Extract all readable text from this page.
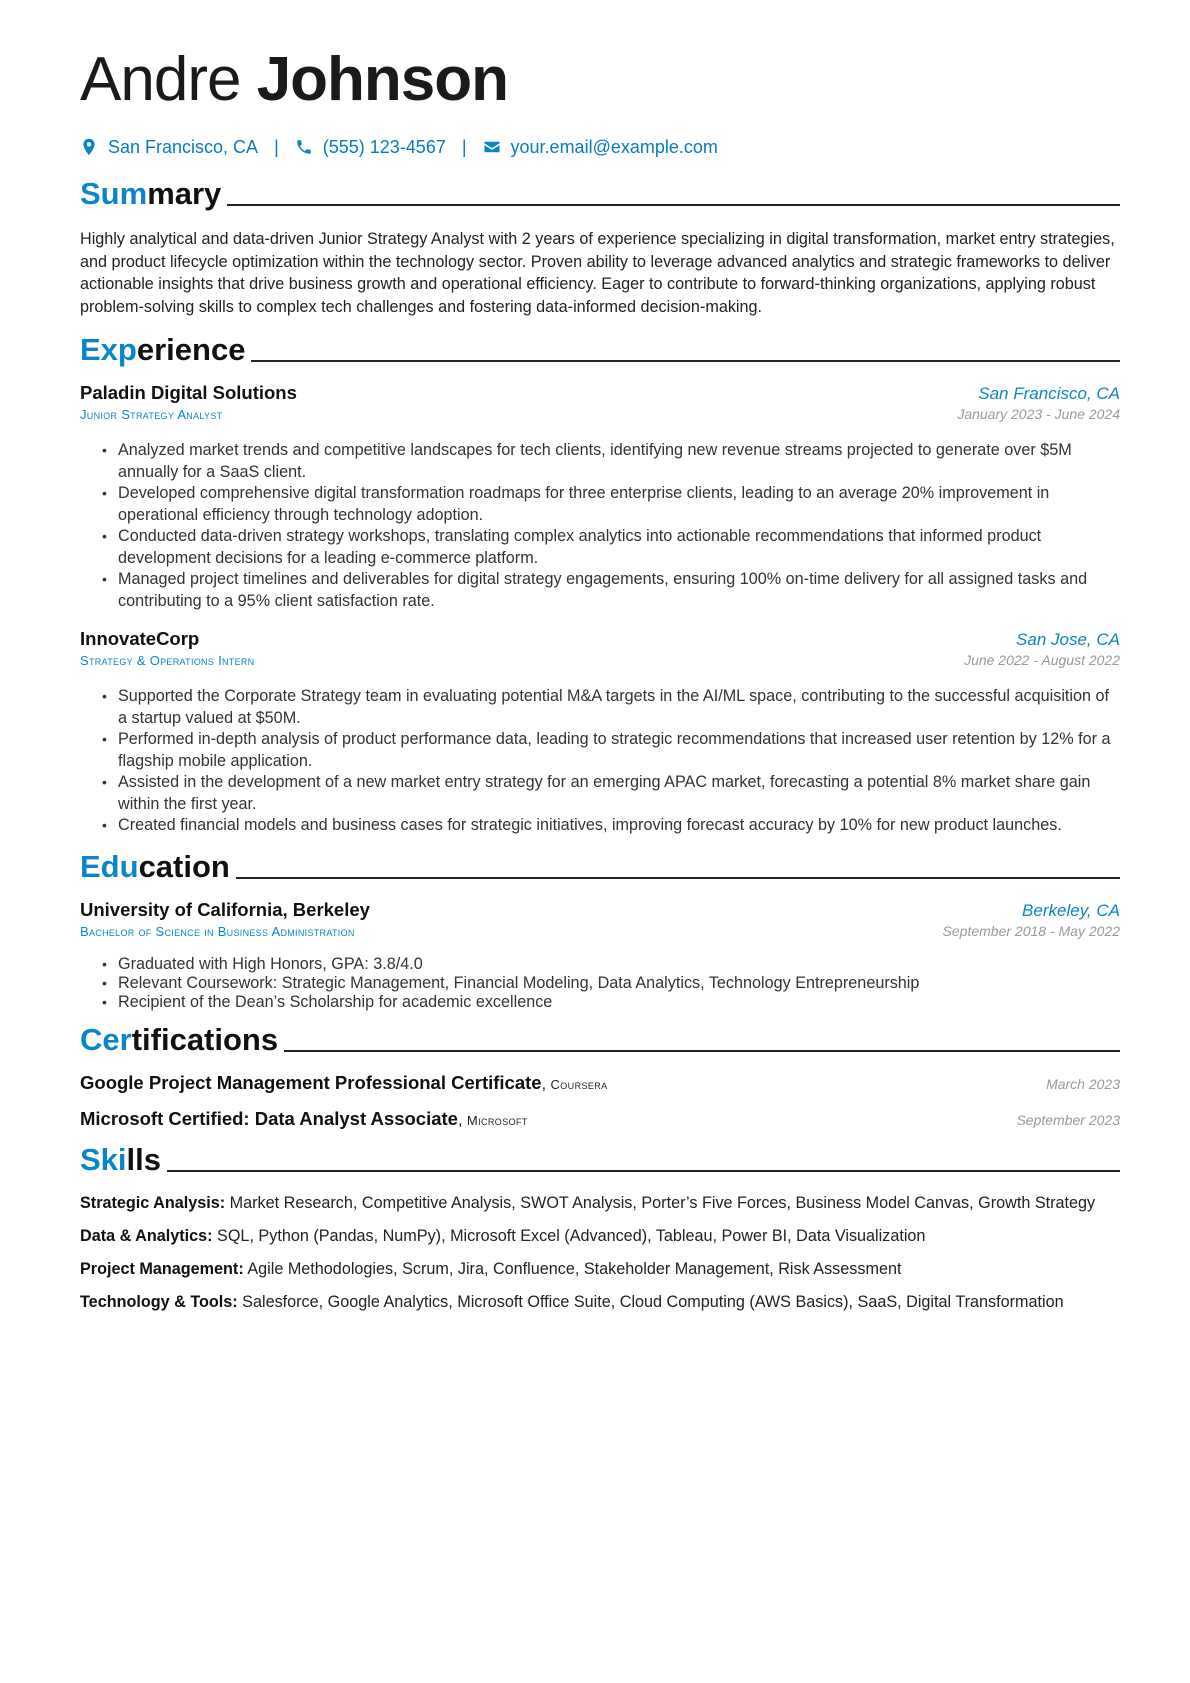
Andre Johnson
San Francisco, CA | (555) 123-4567 | your.email@example.com
Summary

Highly analytical and data-driven Junior Strategy Analyst with 2 years of experience specializing in digital transformation, market entry strategies, and product lifecycle optimization within the technology sector. Proven ability to leverage advanced analytics and strategic frameworks to deliver actionable insights that drive business growth and operational efficiency. Eager to contribute to forward-thinking organizations, applying robust problem-solving skills to complex tech challenges and fostering data-informed decision-making.

Experience
Paladin Digital Solutions	San Francisco, CA
Junior Strategy Analyst	January 2023 - June 2024
• Analyzed market trends and competitive landscapes for tech clients, identifying new revenue streams projected to generate over $5M annually for a SaaS client.
• Developed comprehensive digital transformation roadmaps for three enterprise clients, leading to an average 20% improvement in operational efficiency through technology adoption.
• Conducted data-driven strategy workshops, translating complex analytics into actionable recommendations that informed product development decisions for a leading e-commerce platform.
• Managed project timelines and deliverables for digital strategy engagements, ensuring 100% on-time delivery for all assigned tasks and contributing to a 95% client satisfaction rate.
InnovateCorp	San Jose, CA
Strategy & Operations Intern	June 2022 - August 2022
• Supported the Corporate Strategy team in evaluating potential M&A targets in the AI/ML space, contributing to the successful acquisition of a startup valued at $50M.
• Performed in-depth analysis of product performance data, leading to strategic recommendations that increased user retention by 12% for a flagship mobile application.
• Assisted in the development of a new market entry strategy for an emerging APAC market, forecasting a potential 8% market share gain within the first year.
• Created financial models and business cases for strategic initiatives, improving forecast accuracy by 10% for new product launches.
Education
University of California, Berkeley	Berkeley, CA
Bachelor of Science in Business Administration	September 2018 - May 2022
• Graduated with High Honors, GPA: 3.8/4.0
• Relevant Coursework: Strategic Management, Financial Modeling, Data Analytics, Technology Entrepreneurship
• Recipient of the Dean’s Scholarship for academic excellence
Certifications
Google Project Management Professional Certificate, Coursera	March 2023
Microsoft Certified: Data Analyst Associate, Microsoft	September 2023
Skills
Strategic Analysis: Market Research, Competitive Analysis, SWOT Analysis, Porter’s Five Forces, Business Model Canvas, Growth Strategy
Data & Analytics: SQL, Python (Pandas, NumPy), Microsoft Excel (Advanced), Tableau, Power BI, Data Visualization
Project Management: Agile Methodologies, Scrum, Jira, Confluence, Stakeholder Management, Risk Assessment
Technology & Tools: Salesforce, Google Analytics, Microsoft Office Suite, Cloud Computing (AWS Basics), SaaS, Digital Transformation
